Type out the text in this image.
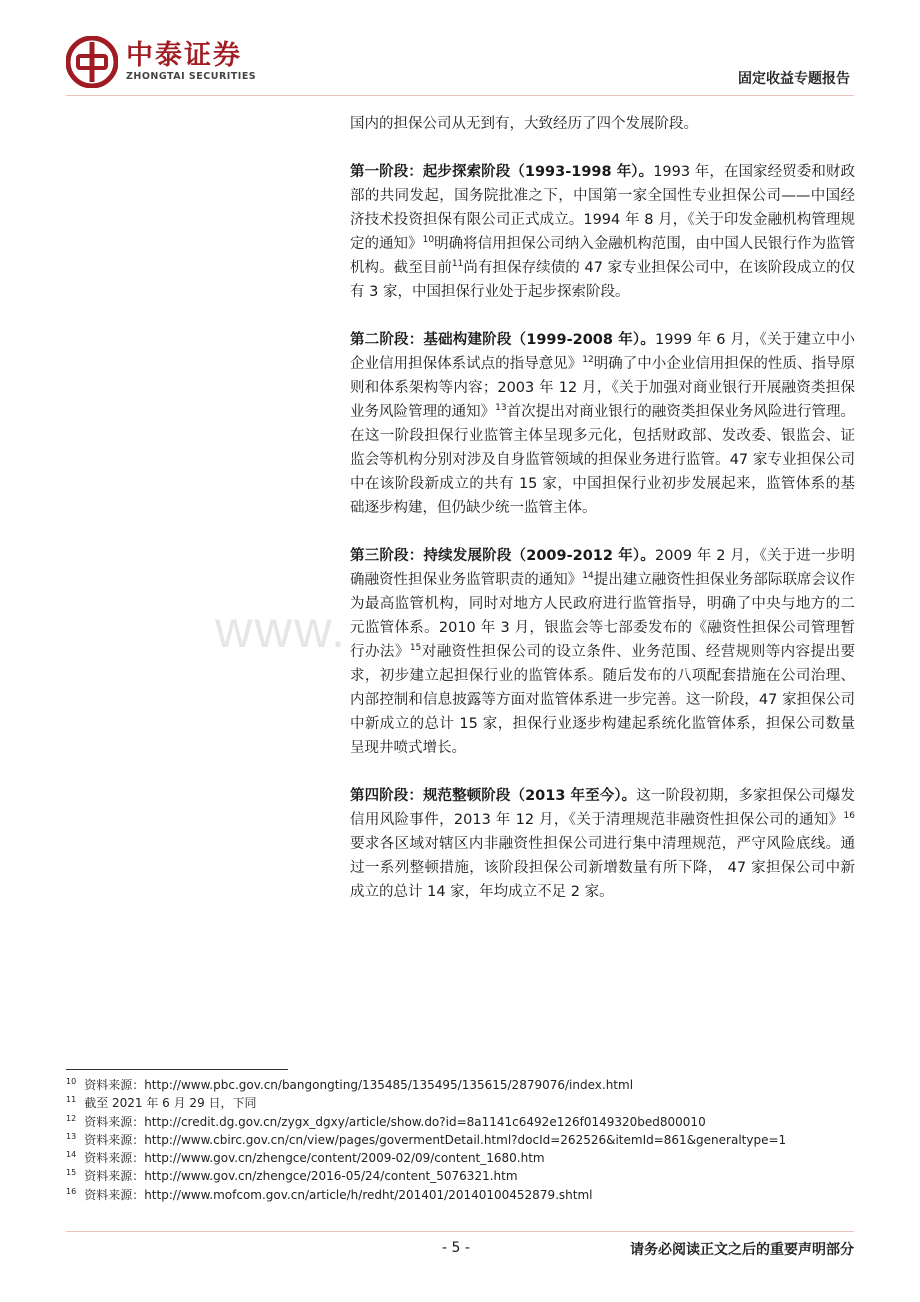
中泰证券
ZHONGTAI SECURITIES	固定收益专题报告
www.

国内的担保公司从无到有，大致经历了四个发展阶段。

第一阶段：起步探索阶段（1993-1998 年）。1993 年，在国家经贸委和财政部的共同发起，国务院批准之下，中国第一家全国性专业担保公司——中国经济技术投资担保有限公司正式成立。1994 年 8 月，《关于印发金融机构管理规定的通知》$^{10}$明确将信用担保公司纳入金融机构范围，由中国人民银行作为监管机构。截至目前$^{11}$尚有担保存续债的 47 家专业担保公司中，在该阶段成立的仅有 3 家，中国担保行业处于起步探索阶段。

第二阶段：基础构建阶段（1999-2008 年）。1999 年 6 月，《关于建立中小企业信用担保体系试点的指导意见》$^{12}$明确了中小企业信用担保的性质、指导原则和体系架构等内容；2003 年 12 月，《关于加强对商业银行开展融资类担保业务风险管理的通知》$^{13}$首次提出对商业银行的融资类担保业务风险进行管理。在这一阶段担保行业监管主体呈现多元化，包括财政部、发改委、银监会、证监会等机构分别对涉及自身监管领域的担保业务进行监管。47 家专业担保公司中在该阶段新成立的共有 15 家，中国担保行业初步发展起来，监管体系的基础逐步构建，但仍缺少统一监管主体。

第三阶段：持续发展阶段（2009-2012 年）。2009 年 2 月，《关于进一步明确融资性担保业务监管职责的通知》$^{14}$提出建立融资性担保业务部际联席会议作为最高监管机构，同时对地方人民政府进行监管指导，明确了中央与地方的二元监管体系。2010 年 3 月，银监会等七部委发布的《融资性担保公司管理暂行办法》$^{15}$对融资性担保公司的设立条件、业务范围、经营规则等内容提出要求，初步建立起担保行业的监管体系。随后发布的八项配套措施在公司治理、内部控制和信息披露等方面对监管体系进一步完善。这一阶段，47 家担保公司中新成立的总计 15 家，担保行业逐步构建起系统化监管体系，担保公司数量呈现井喷式增长。

第四阶段：规范整顿阶段（2013 年至今）。这一阶段初期，多家担保公司爆发信用风险事件，2013 年 12 月，《关于清理规范非融资性担保公司的通知》$^{16}$要求各区域对辖区内非融资性担保公司进行集中清理规范，严守风险底线。通过一系列整顿措施，该阶段担保公司新增数量有所下降， 47 家担保公司中新成立的总计 14 家，年均成立不足 2 家。

$^{10}$ 资料来源：http://www.pbc.gov.cn/bangongting/135485/135495/135615/2879076/index.html
$^{11}$ 截至 2021 年 6 月 29 日，下同
$^{12}$ 资料来源：http://credit.dg.gov.cn/zygx_dgxy/article/show.do?id=8a1141c6492e126f0149320bed800010
$^{13}$ 资料来源：http://www.cbirc.gov.cn/cn/view/pages/govermentDetail.html?docId=262526&itemId=861&generaltype=1
$^{14}$ 资料来源：http://www.gov.cn/zhengce/content/2009-02/09/content_1680.htm
$^{15}$ 资料来源：http://www.gov.cn/zhengce/2016-05/24/content_5076321.htm
$^{16}$ 资料来源：http://www.mofcom.gov.cn/article/h/redht/201401/20140100452879.shtml
- 5 -	请务必阅读正文之后的重要声明部分
